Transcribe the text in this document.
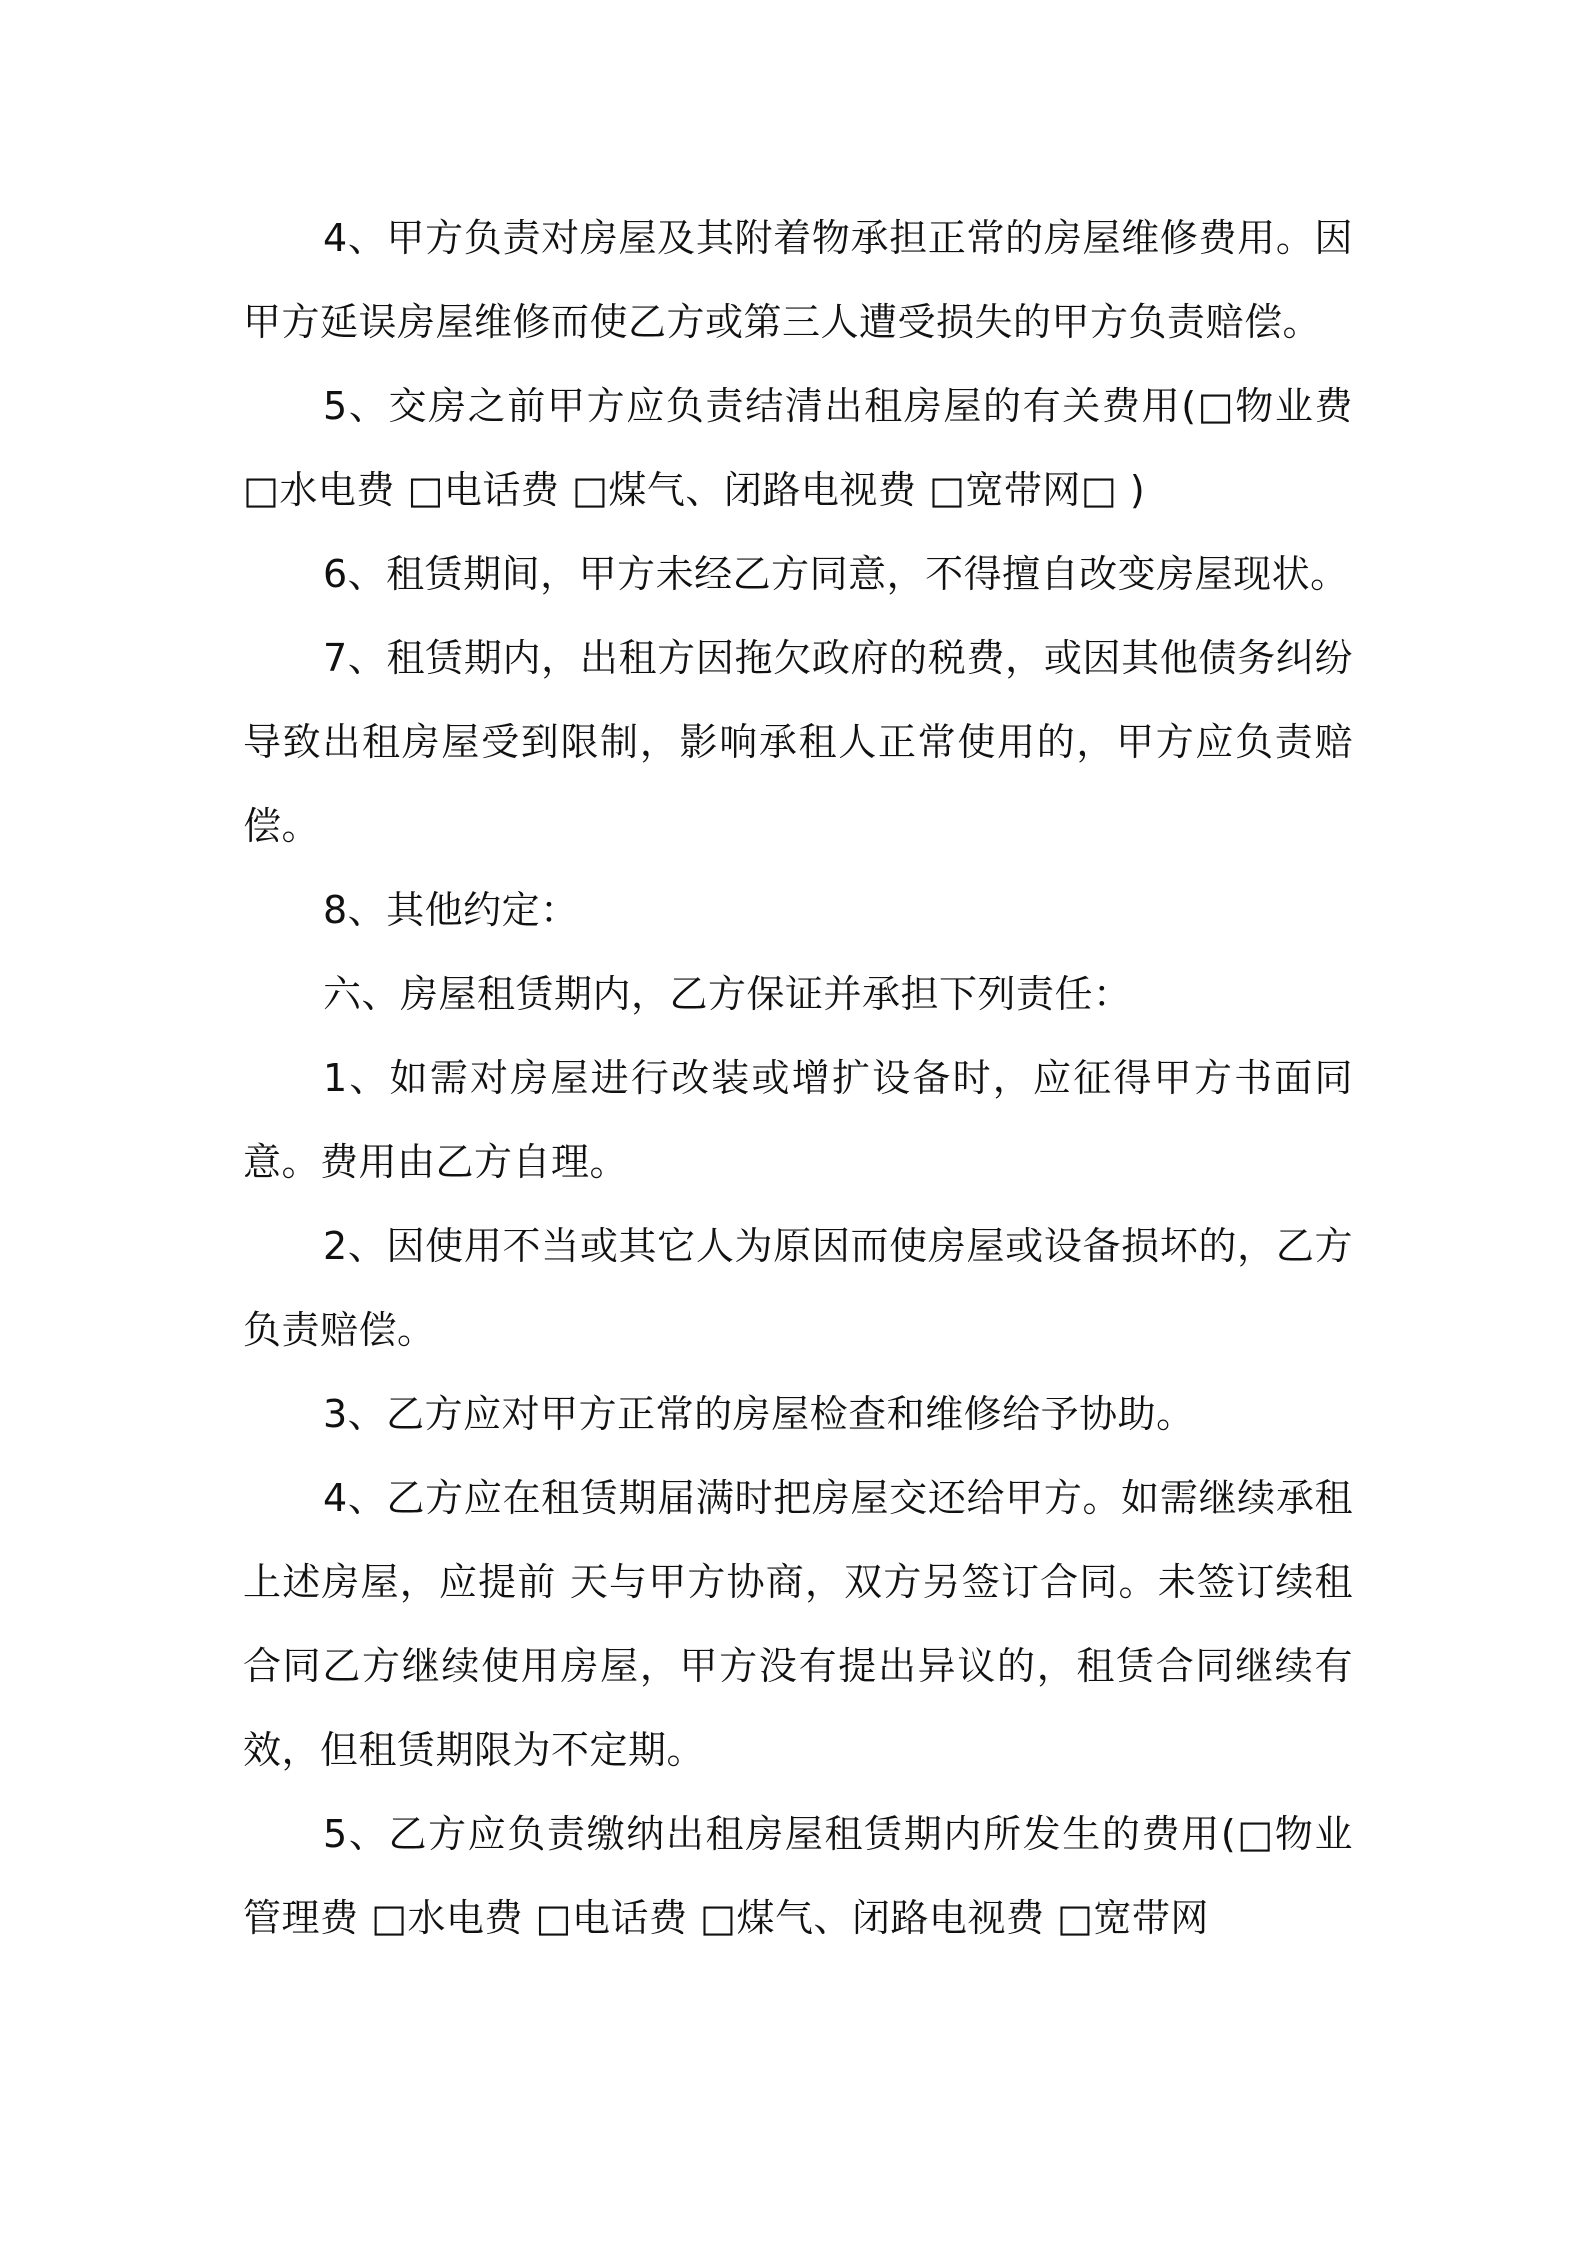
4、甲方负责对房屋及其附着物承担正常的房屋维修费用。因甲方延误房屋维修而使乙方或第三人遭受损失的甲方负责赔偿。

5、交房之前甲方应负责结清出租房屋的有关费用(□物业费□水电费 □电话费 □煤气、闭路电视费 □宽带网□ )

6、租赁期间，甲方未经乙方同意，不得擅自改变房屋现状。

7、租赁期内，出租方因拖欠政府的税费，或因其他债务纠纷导致出租房屋受到限制，影响承租人正常使用的，甲方应负责赔偿。

8、其他约定：

六、房屋租赁期内，乙方保证并承担下列责任：

1、如需对房屋进行改装或增扩设备时，应征得甲方书面同意。费用由乙方自理。

2、因使用不当或其它人为原因而使房屋或设备损坏的，乙方负责赔偿。

3、乙方应对甲方正常的房屋检查和维修给予协助。

4、乙方应在租赁期届满时把房屋交还给甲方。如需继续承租上述房屋，应提前 天与甲方协商，双方另签订合同。未签订续租合同乙方继续使用房屋，甲方没有提出异议的，租赁合同继续有效，但租赁期限为不定期。

5、乙方应负责缴纳出租房屋租赁期内所发生的费用(□物业管理费 □水电费 □电话费 □煤气、闭路电视费 □宽带网
